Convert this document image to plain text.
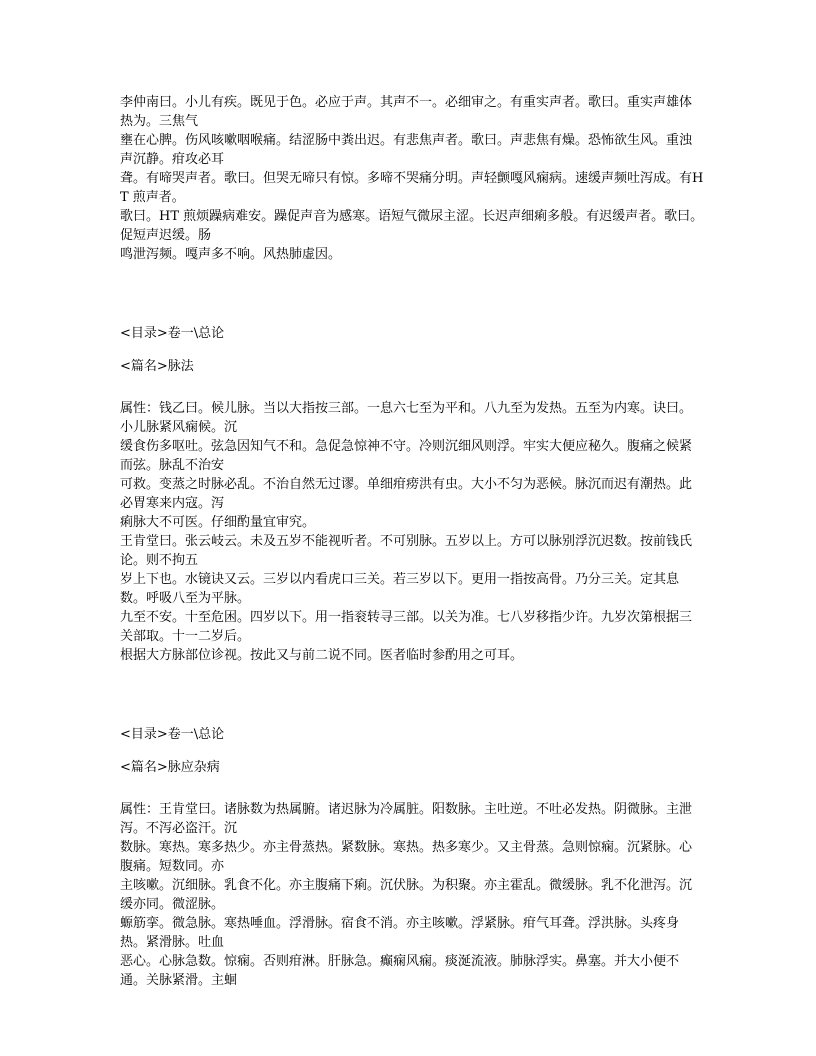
李仲南曰。小儿有疾。既见于色。必应于声。其声不一。必细审之。有重实声者。歌曰。重实声雄体热为。三焦气

壅在心脾。伤风咳嗽咽喉痛。结涩肠中粪出迟。有悲焦声者。歌曰。声悲焦有燥。恐怖欲生风。重浊声沉静。疳攻必耳

聋。有啼哭声者。歌曰。但哭无啼只有惊。多啼不哭痛分明。声轻颤嘎风痫病。速缓声频吐泻成。有HT 煎声者。

歌曰。HT 煎烦躁病难安。躁促声音为感寒。语短气微尿主涩。长迟声细痢多般。有迟缓声者。歌曰。促短声迟缓。肠

鸣泄泻频。嘎声多不响。风热肺虚因。

<目录>卷一\总论

<篇名>脉法

属性：钱乙曰。候儿脉。当以大指按三部。一息六七至为平和。八九至为发热。五至为内寒。诀曰。小儿脉紧风痫候。沉

缓食伤多呕吐。弦急因知气不和。急促急惊神不守。冷则沉细风则浮。牢实大便应秘久。腹痛之候紧而弦。脉乱不治安

可救。变蒸之时脉必乱。不治自然无过谬。单细疳痨洪有虫。大小不匀为恶候。脉沉而迟有潮热。此必胃寒来内寇。泻

痢脉大不可医。仔细酌量宜审究。

王肯堂曰。张云岐云。未及五岁不能视听者。不可别脉。五岁以上。方可以脉别浮沉迟数。按前钱氏论。则不拘五

岁上下也。水镜诀又云。三岁以内看虎口三关。若三岁以下。更用一指按高骨。乃分三关。定其息数。呼吸八至为平脉。

九至不安。十至危困。四岁以下。用一指衮转寻三部。以关为准。七八岁移指少许。九岁次第根据三关部取。十一二岁后。

根据大方脉部位诊视。按此又与前二说不同。医者临时参酌用之可耳。

<目录>卷一\总论

<篇名>脉应杂病

属性：王肯堂曰。诸脉数为热属腑。诸迟脉为冷属脏。阳数脉。主吐逆。不吐必发热。阴微脉。主泄泻。不泻必盗汗。沉

数脉。寒热。寒多热少。亦主骨蒸热。紧数脉。寒热。热多寒少。又主骨蒸。急则惊痫。沉紧脉。心腹痛。短数同。亦

主咳嗽。沉细脉。乳食不化。亦主腹痛下痢。沉伏脉。为积聚。亦主霍乱。微缓脉。乳不化泄泻。沉缓亦同。微涩脉。

螈筋挛。微急脉。寒热唾血。浮滑脉。宿食不消。亦主咳嗽。浮紧脉。疳气耳聋。浮洪脉。头疼身热。紧滑脉。吐血

恶心。心脉急数。惊痫。否则疳淋。肝脉急。癫痫风痫。痰涎流液。肺脉浮实。鼻塞。并大小便不通。关脉紧滑。主蛔
